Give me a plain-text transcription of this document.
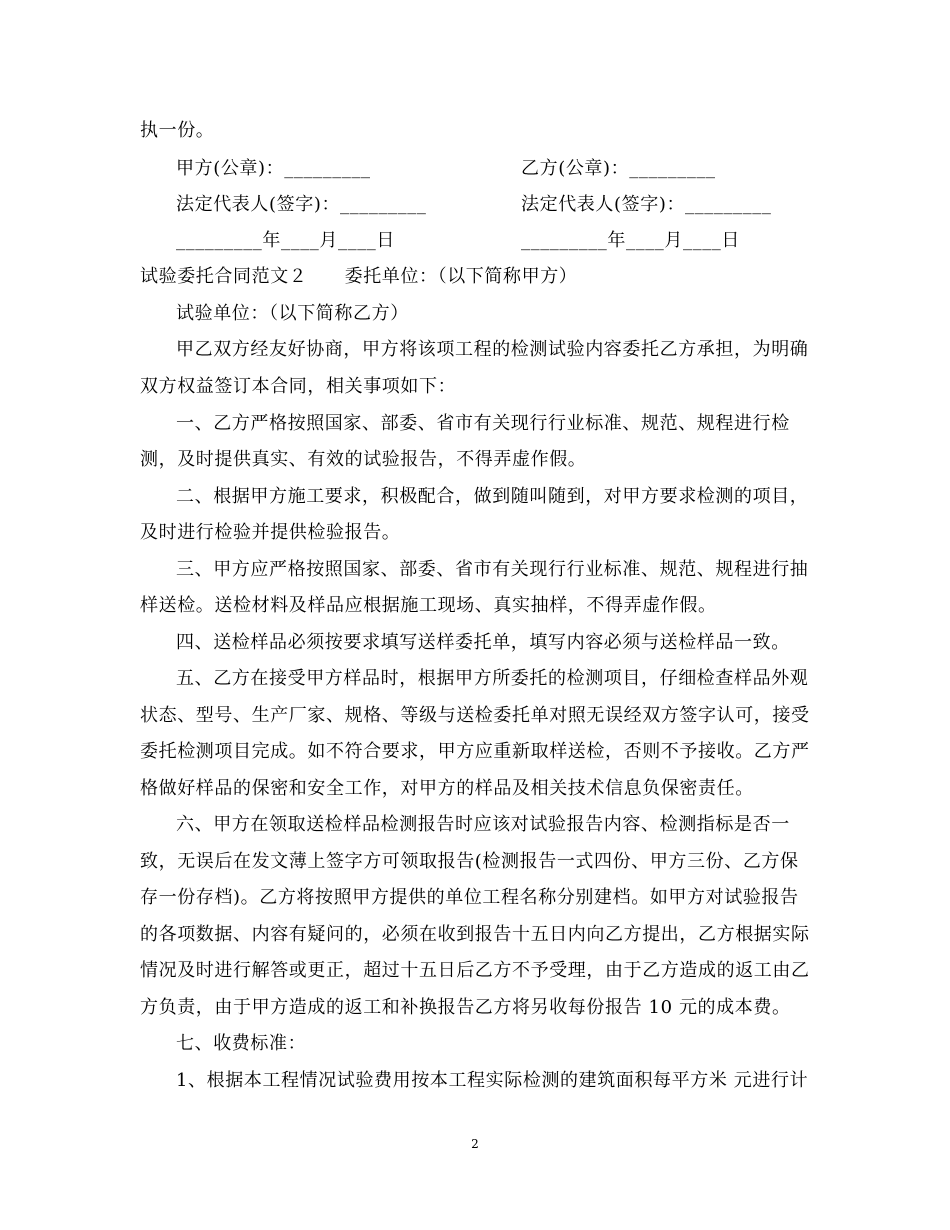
执一份。
甲方(公章)：_________	乙方(公章)：_________
法定代表人(签字)：_________	法定代表人(签字)：_________
_________年____月____日	_________年____月____日
试验委托合同范文２　　委托单位：（以下简称甲方）
试验单位：（以下简称乙方）
甲乙双方经友好协商，甲方将该项工程的检测试验内容委托乙方承担，为明确
双方权益签订本合同，相关事项如下：
一、乙方严格按照国家、部委、省市有关现行行业标准、规范、规程进行检
测，及时提供真实、有效的试验报告，不得弄虚作假。
二、根据甲方施工要求，积极配合，做到随叫随到，对甲方要求检测的项目，
及时进行检验并提供检验报告。
三、甲方应严格按照国家、部委、省市有关现行行业标准、规范、规程进行抽
样送检。送检材料及样品应根据施工现场、真实抽样，不得弄虚作假。
四、送检样品必须按要求填写送样委托单，填写内容必须与送检样品一致。
五、乙方在接受甲方样品时，根据甲方所委托的检测项目，仔细检查样品外观
状态、型号、生产厂家、规格、等级与送检委托单对照无误经双方签字认可，接受
委托检测项目完成。如不符合要求，甲方应重新取样送检，否则不予接收。乙方严
格做好样品的保密和安全工作，对甲方的样品及相关技术信息负保密责任。
六、甲方在领取送检样品检测报告时应该对试验报告内容、检测指标是否一
致，无误后在发文薄上签字方可领取报告(检测报告一式四份、甲方三份、乙方保
存一份存档)。乙方将按照甲方提供的单位工程名称分别建档。如甲方对试验报告
的各项数据、内容有疑问的，必须在收到报告十五日内向乙方提出，乙方根据实际
情况及时进行解答或更正，超过十五日后乙方不予受理，由于乙方造成的返工由乙
方负责，由于甲方造成的返工和补换报告乙方将另收每份报告 10 元的成本费。
七、收费标准：
1、根据本工程情况试验费用按本工程实际检测的建筑面积每平方米 元进行计
2
